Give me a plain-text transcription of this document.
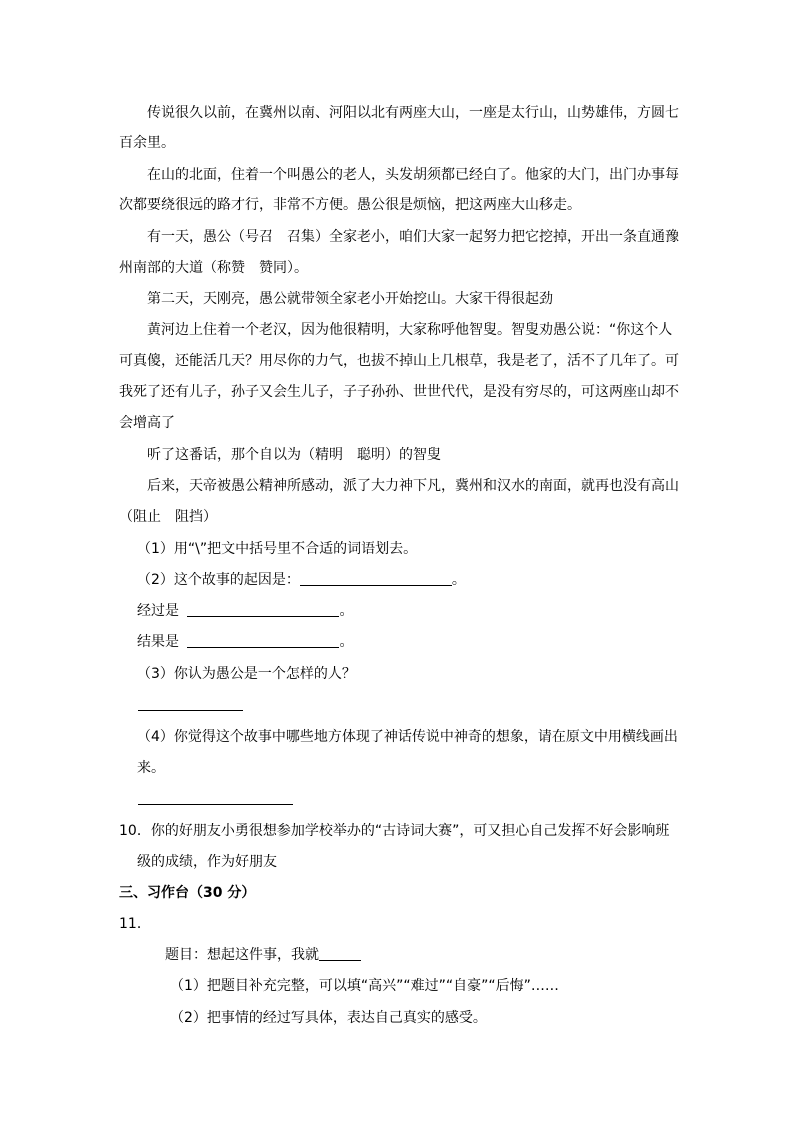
传说很久以前，在冀州以南、河阳以北有两座大山，一座是太行山，山势雄伟，方圆七
百余里。
在山的北面，住着一个叫愚公的老人，头发胡须都已经白了。他家的大门，出门办事每
次都要绕很远的路才行，非常不方便。愚公很是烦恼，把这两座大山移走。
有一天，愚公（号召　召集）全家老小，咱们大家一起努力把它挖掉，开出一条直通豫
州南部的大道（称赞　赞同）。
第二天，天刚亮，愚公就带领全家老小开始挖山。大家干得很起劲
黄河边上住着一个老汉，因为他很精明，大家称呼他智叟。智叟劝愚公说：“你这个人
可真傻，还能活几天？用尽你的力气，也拔不掉山上几根草，我是老了，活不了几年了。可
我死了还有儿子，孙子又会生儿子，子子孙孙、世世代代，是没有穷尽的，可这两座山却不
会增高了
听了这番话，那个自以为（精明　聪明）的智叟
后来，天帝被愚公精神所感动，派了大力神下凡，冀州和汉水的南面，就再也没有高山
（阻止　阻挡）
（1）用“\”把文中括号里不合适的词语划去。
（2）这个故事的起因是：	。
经过是	。
结果是	。
（3）你认为愚公是一个怎样的人？
（4）你觉得这个故事中哪些地方体现了神话传说中神奇的想象，请在原文中用横线画出
来。
10．你的好朋友小勇很想参加学校举办的“古诗词大赛”，可又担心自己发挥不好会影响班
级的成绩，作为好朋友
三、习作台（30 分）
11．
题目：想起这件事，我就
（1）把题目补充完整，可以填“高兴”“难过”“自豪”“后悔”……
（2）把事情的经过写具体，表达自己真实的感受。
